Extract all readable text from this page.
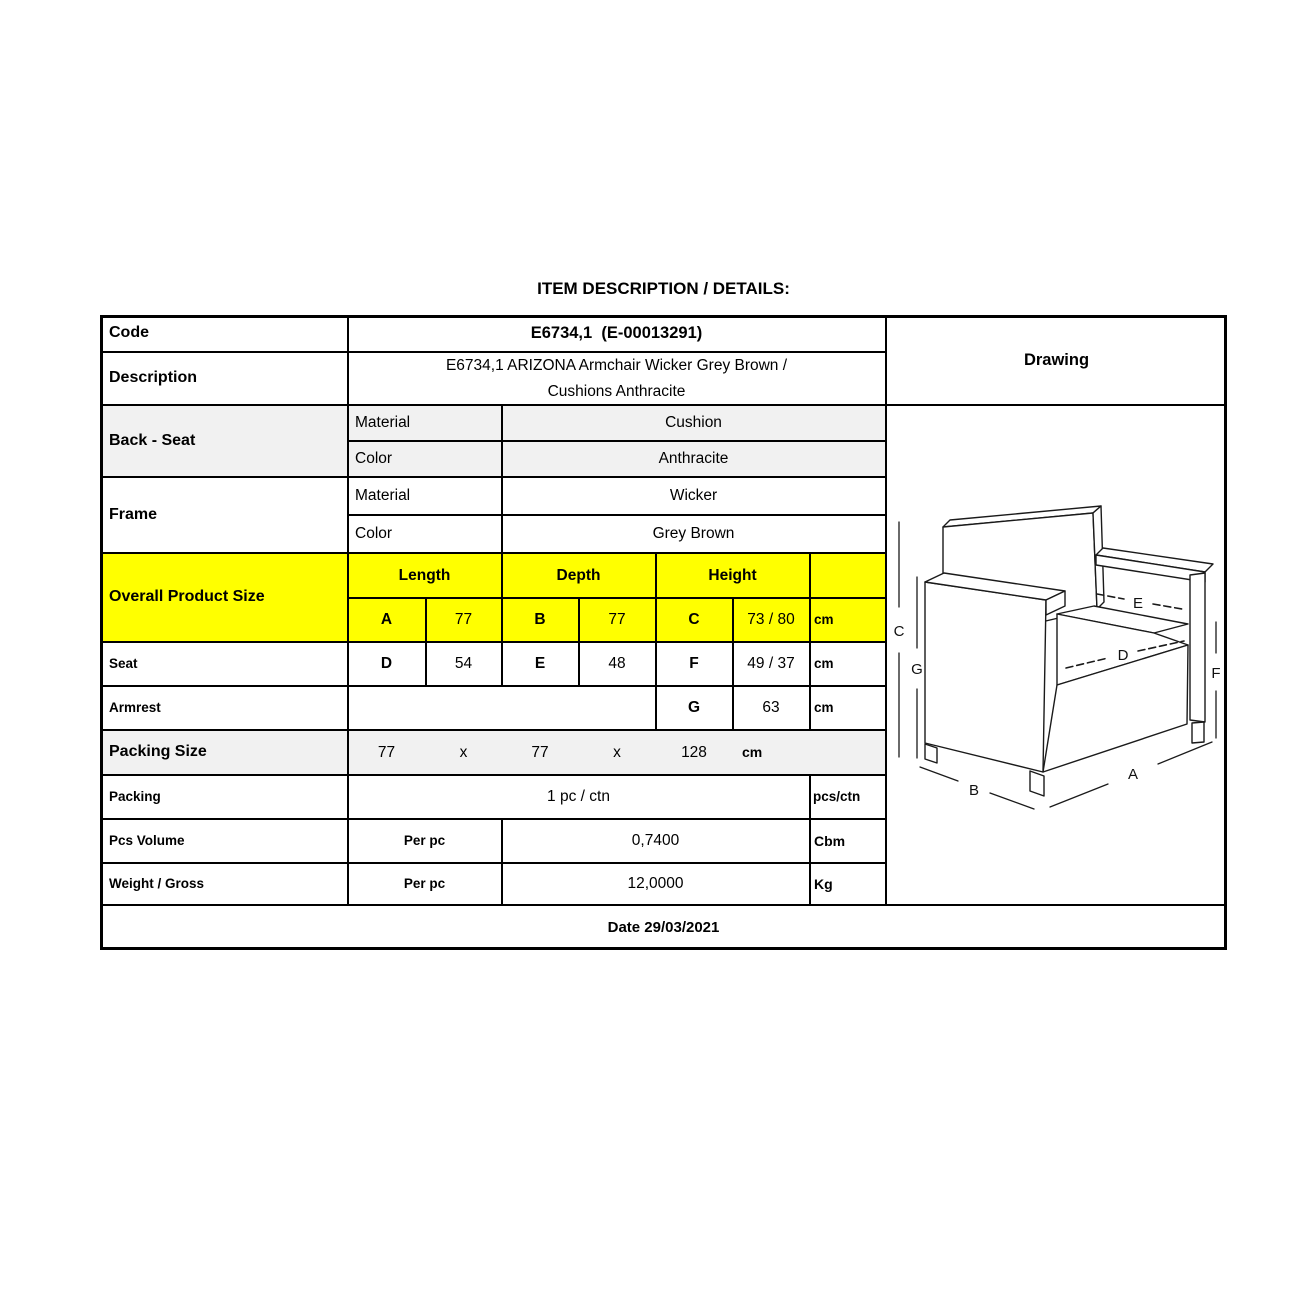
ITEM DESCRIPTION / DETAILS:
Code	E6734,1  (E-00013291)
Description
E6734,1 ARIZONA Armchair Wicker Grey Brown /
Cushions Anthracite
Back - Seat
Material	Cushion
Color	Anthracite
Frame
Material	Wicker
Color	Grey Brown
Overall Product Size
Length	Depth	Height
A	77	B	77	C	73 / 80	cm
Seat	D	54	E	48	F	49 / 37	cm
Armrest	G	63	cm
Packing Size	77	x	77	x	128	cm
Packing	1 pc / ctn	pcs/ctn
Pcs Volume	Per pc	0,7400	Cbm
Weight / Gross	Per pc	12,0000	Kg
Date 29/03/2021
Drawing
C
G	F
E
D
B
A
